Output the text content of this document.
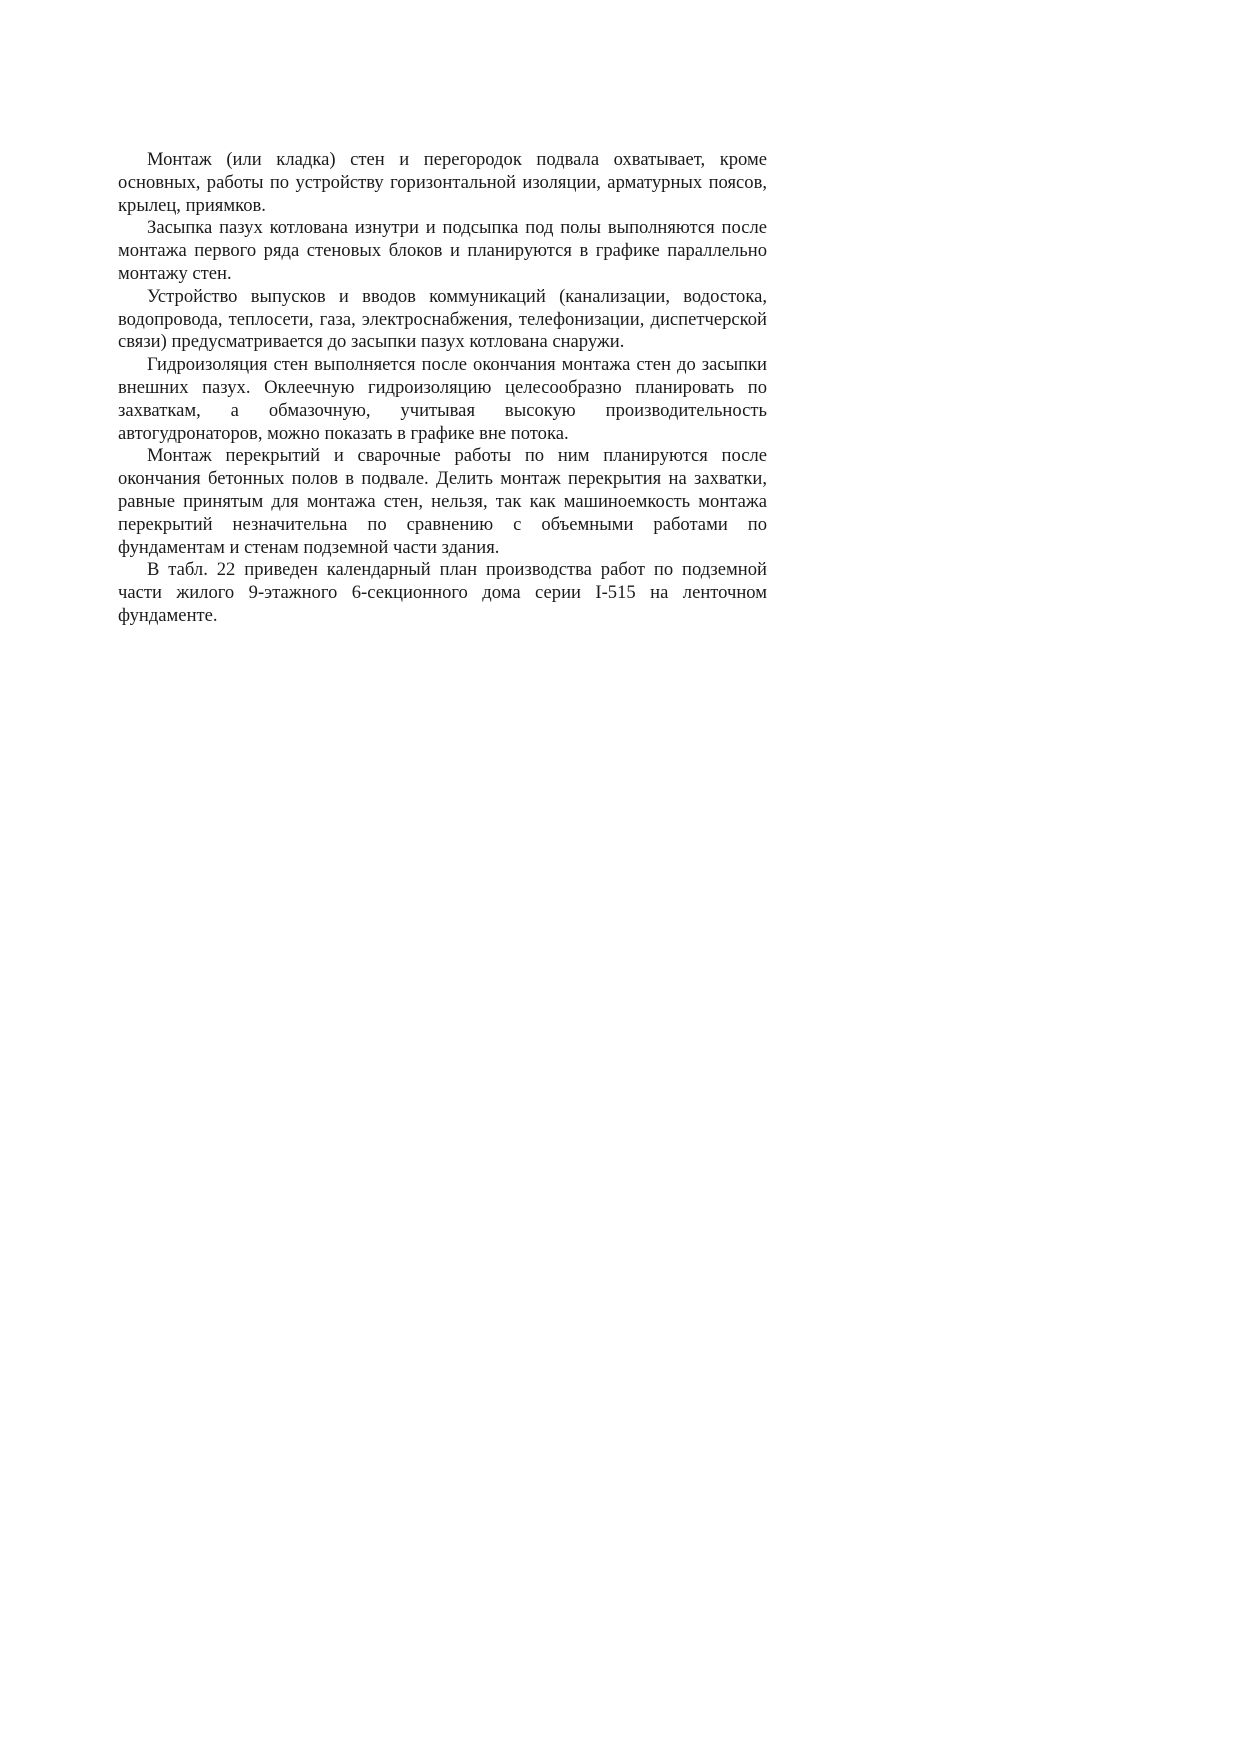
Монтаж (или кладка) стен и перегородок подвала охватывает, кроме основных, работы по устройству горизонтальной изоляции, арматурных поясов, крылец, приямков.

Засыпка пазух котлована изнутри и подсыпка под полы выполняются после монтажа первого ряда стеновых блоков и планируются в графике параллельно монтажу стен.

Устройство выпусков и вводов коммуникаций (канализации, водостока, водопровода, теплосети, газа, электроснабжения, телефонизации, диспетчерской связи) предусматривается до засыпки пазух котлована снаружи.

Гидроизоляция стен выполняется после окончания монтажа стен до засыпки внешних пазух. Оклеечную гидроизоляцию целесообразно планировать по захваткам, а обмазочную, учитывая высокую производительность автогудронаторов, можно показать в графике вне потока.

Монтаж перекрытий и сварочные работы по ним планируются после окончания бетонных полов в подвале. Делить монтаж перекрытия на захватки, равные принятым для монтажа стен, нельзя, так как машиноемкость монтажа перекрытий незначительна по сравнению с объемными работами по фундаментам и стенам подземной части здания.

В табл. 22 приведен календарный план производства работ по подземной части жилого 9-этажного 6-секционного дома серии I-515 на ленточном фундаменте.
